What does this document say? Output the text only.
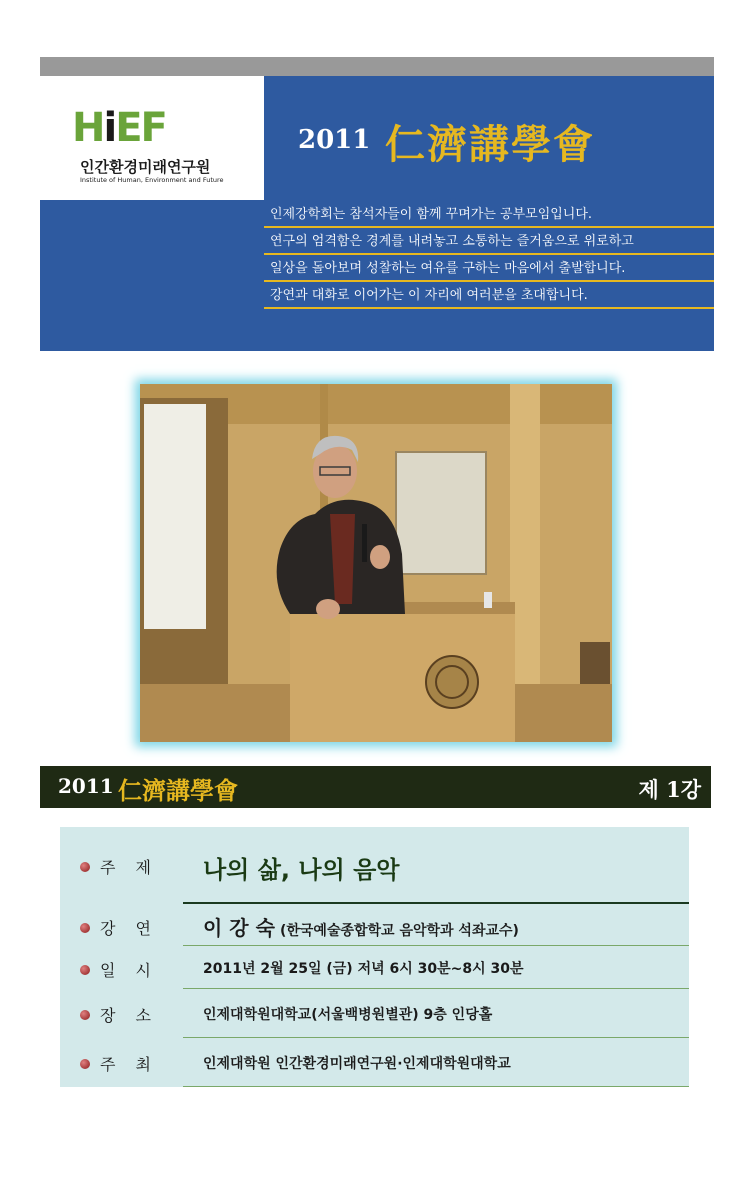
HiEF
인간환경미래연구원
Institute of Human, Environment and Future
2011 仁濟講學會
인제강학회는 참석자들이 함께 꾸며가는 공부모임입니다.
연구의 엄격함은 경계를 내려놓고 소통하는 즐거움으로 위로하고
일상을 돌아보며 성찰하는 여유를 구하는 마음에서 출발합니다.
강연과 대화로 이어가는 이 자리에 여러분을 초대합니다.
2011 仁濟講學會	제 1강
주제 나의 삶, 나의 음악
강연 이 강 숙 (한국예술종합학교 음악학과 석좌교수)
일시 2011년 2월 25일 (금) 저녁 6시 30분~8시 30분
장소 인제대학원대학교(서울백병원별관) 9층 인당홀
주최 인제대학원 인간환경미래연구원·인제대학원대학교
